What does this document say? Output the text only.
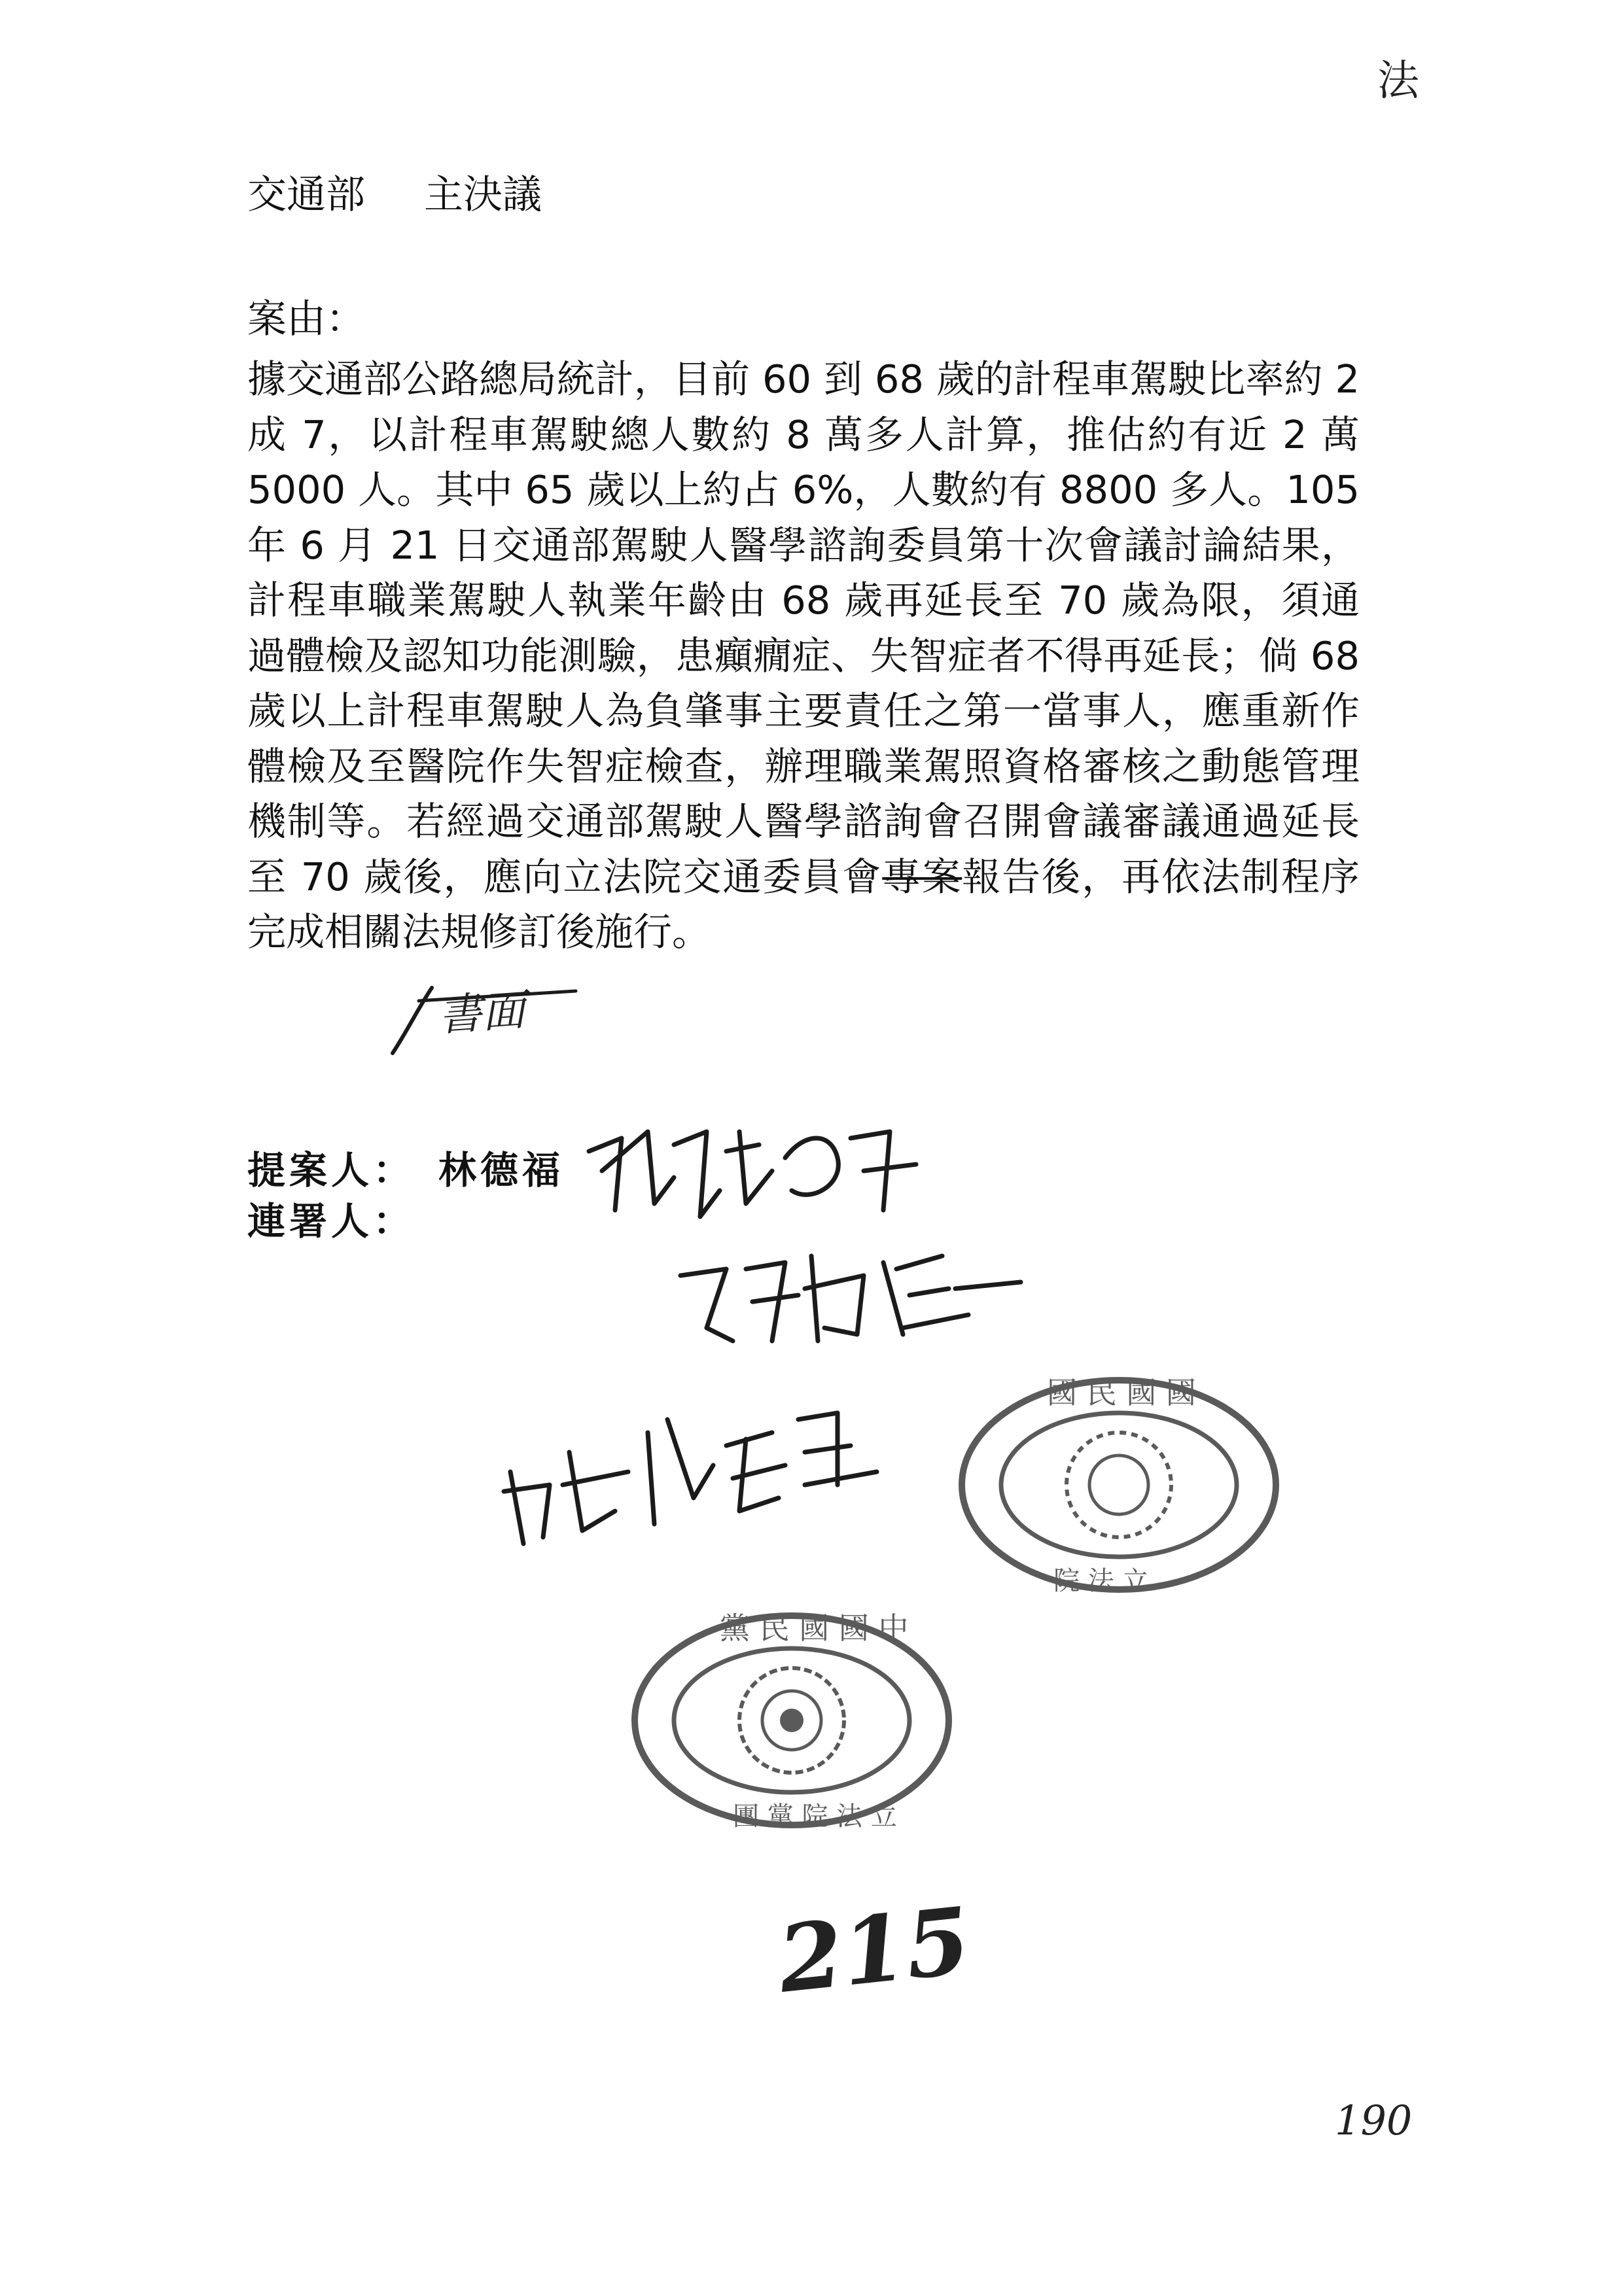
法
交通部 主決議
案由：
據交通部公路總局統計，目前 60 到 68 歲的計程車駕駛比率約 2 成 7，以計程車駕駛總人數約 8 萬多人計算，推估約有近 2 萬 5000 人。其中 65 歲以上約占 6%，人數約有 8800 多人。105 年 6 月 21 日交通部駕駛人醫學諮詢委員第十次會議討論結果，計程車職業駕駛人執業年齡由 68 歲再延長至 70 歲為限，須通過體檢及認知功能測驗，患癲癇症、失智症者不得再延長；倘 68 歲以上計程車駕駛人為負肇事主要責任之第一當事人，應重新作體檢及至醫院作失智症檢查，辦理職業駕照資格審核之動態管理機制等。若經過交通部駕駛人醫學諮詢會召開會議審議通過延長至 70 歲後，應向立法院交通委員會專案報告後，再依法制程序完成相關法規修訂後施行。
書面
提案人： 林德福
連署人：
國 民 國 國
院 法 立
黨 民 國 國 中
團 黨 院 法 立
215
190
